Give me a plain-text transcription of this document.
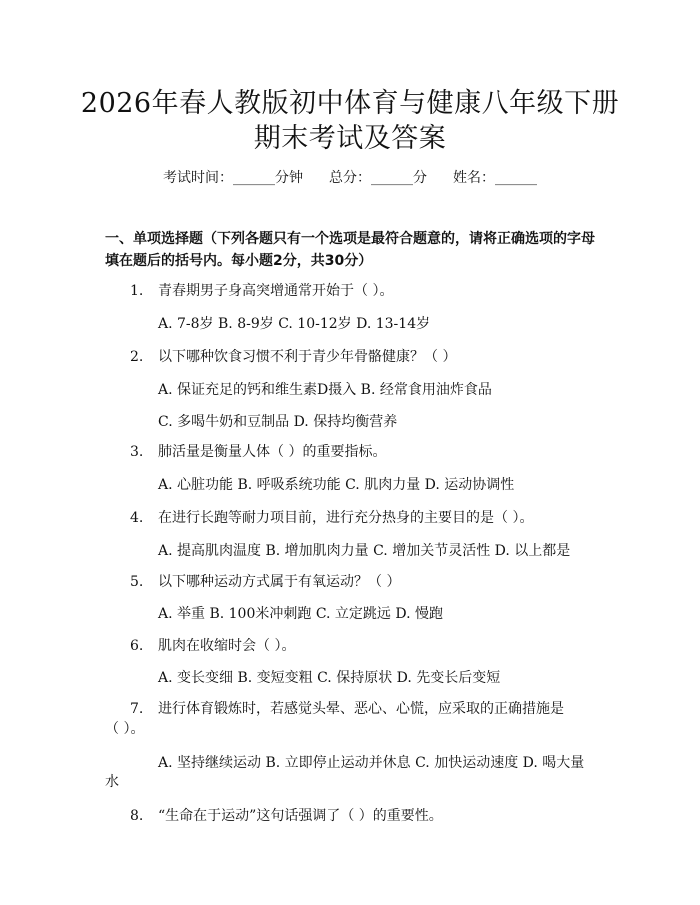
2026年春人教版初中体育与健康八年级下册
期末考试及答案
考试时间：______分钟 总分：______分 姓名：______
一、单项选择题（下列各题只有一个选项是最符合题意的，请将正确选项的字母
填在题后的括号内。每小题2分，共30分）
1. 青春期男子身高突增通常开始于（ ）。
A. 7-8岁 B. 8-9岁 C. 10-12岁 D. 13-14岁
2. 以下哪种饮食习惯不利于青少年骨骼健康？（ ）
A. 保证充足的钙和维生素D摄入 B. 经常食用油炸食品
C. 多喝牛奶和豆制品 D. 保持均衡营养
3. 肺活量是衡量人体（ ）的重要指标。
A. 心脏功能 B. 呼吸系统功能 C. 肌肉力量 D. 运动协调性
4. 在进行长跑等耐力项目前，进行充分热身的主要目的是（ ）。
A. 提高肌肉温度 B. 增加肌肉力量 C. 增加关节灵活性 D. 以上都是
5. 以下哪种运动方式属于有氧运动？（ ）
A. 举重 B. 100米冲刺跑 C. 立定跳远 D. 慢跑
6. 肌肉在收缩时会（ ）。
A. 变长变细 B. 变短变粗 C. 保持原状 D. 先变长后变短
7. 进行体育锻炼时，若感觉头晕、恶心、心慌，应采取的正确措施是
（ ）。
A. 坚持继续运动 B. 立即停止运动并休息 C. 加快运动速度 D. 喝大量
水
8. “生命在于运动”这句话强调了（ ）的重要性。
